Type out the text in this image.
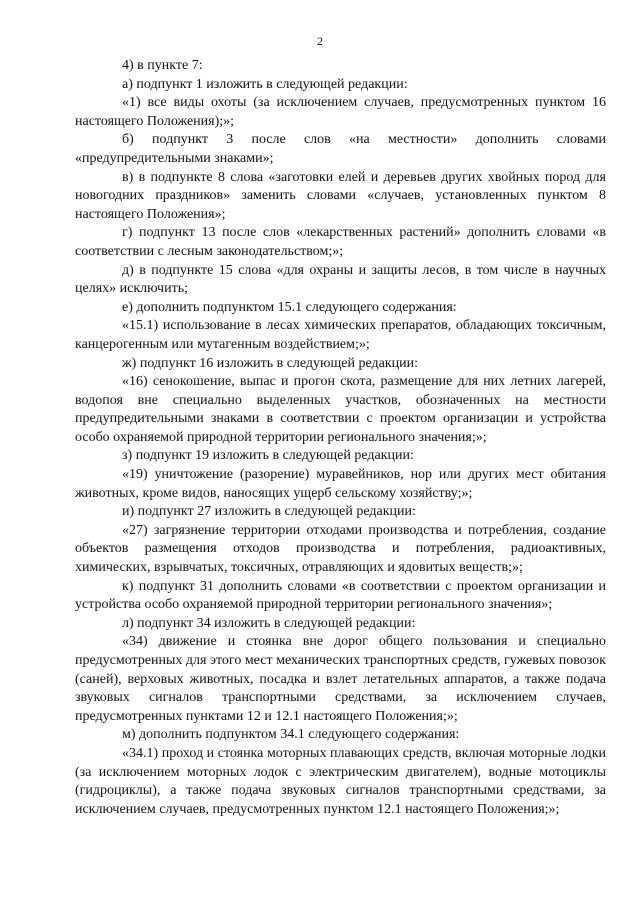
2

4) в пункте 7:

а) подпункт 1 изложить в следующей редакции:

«1) все виды охоты (за исключением случаев, предусмотренных пунктом 16 настоящего Положения);»;

б) подпункт 3 после слов «на местности» дополнить словами «предупредительными знаками»;

в) в подпункте 8 слова «заготовки елей и деревьев других хвойных пород для новогодних праздников» заменить словами «случаев, установленных пунктом 8 настоящего Положения»;

г) подпункт 13 после слов «лекарственных растений» дополнить словами «в соответствии с лесным законодательством;»;

д) в подпункте 15 слова «для охраны и защиты лесов, в том числе в научных целях» исключить;

е) дополнить подпунктом 15.1 следующего содержания:

«15.1) использование в лесах химических препаратов, обладающих токсичным, канцерогенным или мутагенным воздействием;»;

ж) подпункт 16 изложить в следующей редакции:

«16) сенокошение, выпас и прогон скота, размещение для них летних лагерей, водопоя вне специально выделенных участков, обозначенных на местности предупредительными знаками в соответствии с проектом организации и устройства особо охраняемой природной территории регионального значения;»;

з) подпункт 19 изложить в следующей редакции:

«19) уничтожение (разорение) муравейников, нор или других мест обитания животных, кроме видов, наносящих ущерб сельскому хозяйству;»;

и) подпункт 27 изложить в следующей редакции:

«27) загрязнение территории отходами производства и потребления, создание объектов размещения отходов производства и потребления, радиоактивных, химических, взрывчатых, токсичных, отравляющих и ядовитых веществ;»;

к) подпункт 31 дополнить словами «в соответствии с проектом организации и устройства особо охраняемой природной территории регионального значения»;

л) подпункт 34 изложить в следующей редакции:

«34) движение и стоянка вне дорог общего пользования и специально предусмотренных для этого мест механических транспортных средств, гужевых повозок (саней), верховых животных, посадка и взлет летательных аппаратов, а также подача звуковых сигналов транспортными средствами, за исключением случаев, предусмотренных пунктами 12 и 12.1 настоящего Положения;»;

м) дополнить подпунктом 34.1 следующего содержания:

«34.1) проход и стоянка моторных плавающих средств, включая моторные лодки (за исключением моторных лодок с электрическим двигателем), водные мотоциклы (гидроциклы), а также подача звуковых сигналов транспортными средствами, за исключением случаев, предусмотренных пунктом 12.1 настоящего Положения;»;
